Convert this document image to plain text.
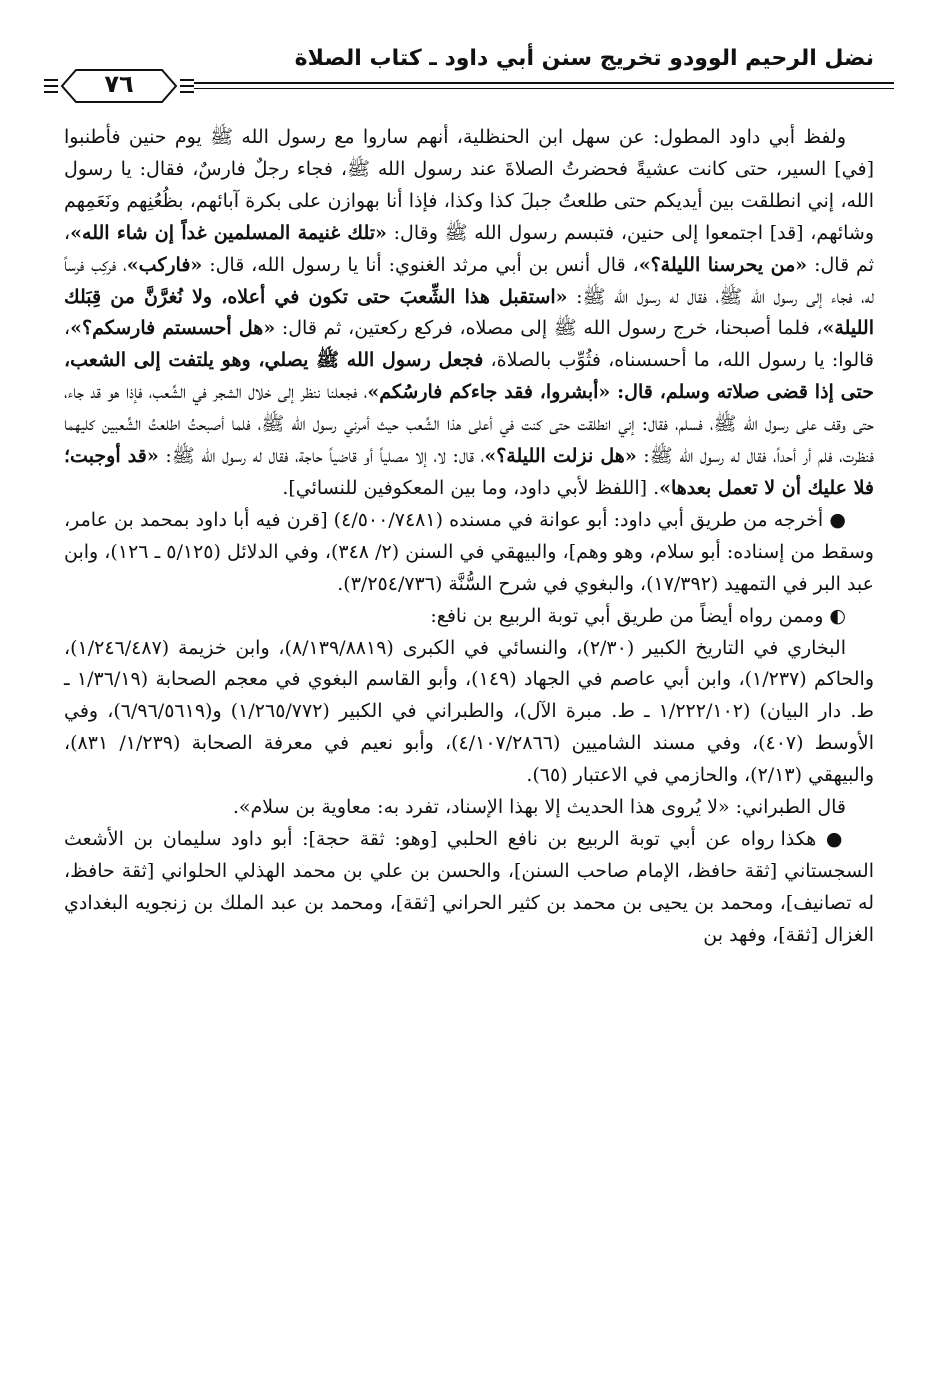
نضل الرحيم الوودو تخريج سنن أبي داود ـ كتاب الصلاة
٧٦

ولفظ أبي داود المطول: عن سهل ابن الحنظلية، أنهم ساروا مع رسول الله ﷺ يوم حنين فأطنبوا [في] السير، حتى كانت عشيةً فحضرتُ الصلاةَ عند رسول الله ﷺ، فجاء رجلٌ فارسٌ، فقال: يا رسول الله، إني انطلقت بين أيديكم حتى طلعتُ جبلَ كذا وكذا، فإذا أنا بهوازن على بكرة آبائهم، بظُعُنِهم ونَعَمِهم وشائهم، [قد] اجتمعوا إلى حنين، فتبسم رسول الله ﷺ وقال: «تلك غنيمة المسلمين غداً إن شاء الله»، ثم قال: «من يحرسنا الليلة؟»، قال أنس بن أبي مرثد الغنوي: أنا يا رسول الله، قال: «فاركب»، فركِب فرساً له، فجاء إلى رسول الله ﷺ، فقال له رسول الله ﷺ: «استقبل هذا الشِّعبَ حتى تكون في أعلاه، ولا نُغرَّنَّ من قِبَلك الليلة»، فلما أصبحنا، خرج رسول الله ﷺ إلى مصلاه، فركع ركعتين، ثم قال: «هل أحسستم فارسكم؟»، قالوا: يا رسول الله، ما أحسسناه، فثُوِّب بالصلاة، فجعل رسول الله ﷺ يصلي، وهو يلتفت إلى الشعب، حتى إذا قضى صلاته وسلم، قال: «أبشروا، فقد جاءكم فارسُكم»، فجعلنا ننظر إلى خلال الشجر في الشِّعب، فإذا هو قد جاء، حتى وقف على رسول الله ﷺ، فسلم، فقال: إني انطلقت حتى كنت في أعلى هذا الشِّعب حيث أمرني رسول الله ﷺ، فلما أصبحتُ اطلعتُ الشِّعبين كليهما فنظرت، فلم أر أحداً، فقال له رسول الله ﷺ: «هل نزلت الليلة؟»، قال: لا، إلا مصلياً أو قاضياً حاجة، فقال له رسول الله ﷺ: «قد أوجبت؛ فلا عليك أن لا تعمل بعدها». [اللفظ لأبي داود، وما بين المعكوفين للنسائي].

● أخرجه من طريق أبي داود: أبو عوانة في مسنده (٤/٥٠٠/٧٤٨١) [قرن فيه أبا داود بمحمد بن عامر، وسقط من إسناده: أبو سلام، وهو وهم]، والبيهقي في السنن (٢/ ٣٤٨)، وفي الدلائل (٥/١٢٥ ـ ١٢٦)، وابن عبد البر في التمهيد (١٧/٣٩٢)، والبغوي في شرح السُّنَّة (٣/٢٥٤/٧٣٦).

◐ وممن رواه أيضاً من طريق أبي توبة الربيع بن نافع:

البخاري في التاريخ الكبير (٢/٣٠)، والنسائي في الكبرى (٨/١٣٩/٨٨١٩)، وابن خزيمة (١/٢٤٦/٤٨٧)، والحاكم (١/٢٣٧)، وابن أبي عاصم في الجهاد (١٤٩)، وأبو القاسم البغوي في معجم الصحابة (١/٣٦/١٩ ـ ط. دار البيان) (١/٢٢٢/١٠٢ ـ ط. مبرة الآل)، والطبراني في الكبير (١/٢٦٥/٧٧٢) و(٦/٩٦/٥٦١٩)، وفي الأوسط (٤٠٧)، وفي مسند الشاميين (٤/١٠٧/٢٨٦٦)، وأبو نعيم في معرفة الصحابة (١/٢٣٩/ ٨٣١)، والبيهقي (٢/١٣)، والحازمي في الاعتبار (٦٥).

قال الطبراني: «لا يُروى هذا الحديث إلا بهذا الإسناد، تفرد به: معاوية بن سلام».

● هكذا رواه عن أبي توبة الربيع بن نافع الحلبي [وهو: ثقة حجة]: أبو داود سليمان بن الأشعث السجستاني [ثقة حافظ، الإمام صاحب السنن]، والحسن بن علي بن محمد الهذلي الحلواني [ثقة حافظ، له تصانيف]، ومحمد بن يحيى بن محمد بن كثير الحراني [ثقة]، ومحمد بن عبد الملك بن زنجويه البغدادي الغزال [ثقة]، وفهد بن
